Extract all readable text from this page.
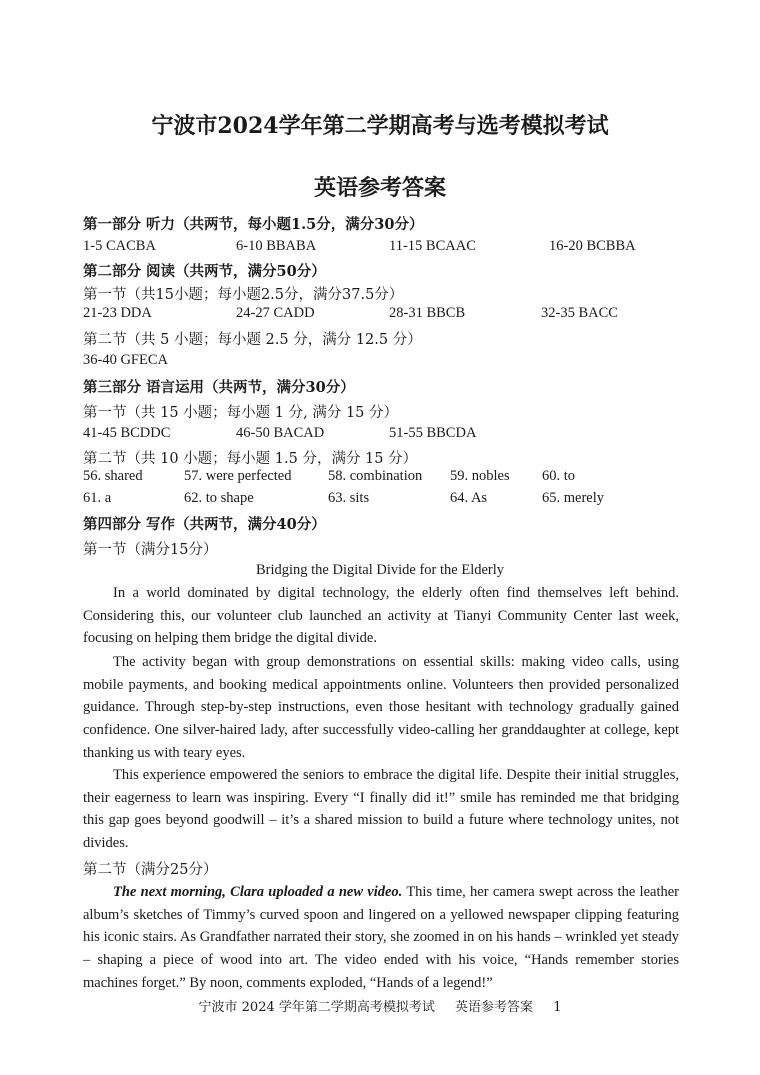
宁波市2024学年第二学期高考与选考模拟考试
英语参考答案
第一部分 听力（共两节，每小题1.5分，满分30分）
1-5 CACBA	6-10 BBABA	11-15 BCAAC	16-20 BCBBA
第二部分 阅读（共两节，满分50分）
第一节（共15小题；每小题2.5分，满分37.5分）
21-23 DDA	24-27 CADD	28-31 BBCB	32-35 BACC
第二节（共 5 小题；每小题 2.5 分，满分 12.5 分）
36-40 GFECA
第三部分 语言运用（共两节，满分30分）
第一节（共 15 小题；每小题 1 分, 满分 15 分）
41-45 BCDDC	46-50 BACAD	51-55 BBCDA
第二节（共 10 小题；每小题 1.5 分，满分 15 分）
56. shared	57. were perfected	58. combination 59. nobles 60. to
61. a	62. to shape	63. sits	64. As	65. merely
第四部分 写作（共两节，满分40分）
第一节（满分15分）
Bridging the Digital Divide for the Elderly
In a world dominated by digital technology, the elderly often find themselves left behind. Considering this, our volunteer club launched an activity at Tianyi Community Center last week, focusing on helping them bridge the digital divide.
The activity began with group demonstrations on essential skills: making video calls, using mobile payments, and booking medical appointments online. Volunteers then provided personalized guidance. Through step-by-step instructions, even those hesitant with technology gradually gained confidence. One silver-haired lady, after successfully video-calling her granddaughter at college, kept thanking us with teary eyes.
This experience empowered the seniors to embrace the digital life. Despite their initial struggles, their eagerness to learn was inspiring. Every “I finally did it!” smile has reminded me that bridging this gap goes beyond goodwill – it’s a shared mission to build a future where technology unites, not divides.
第二节（满分25分）
The next morning, Clara uploaded a new video. This time, her camera swept across the leather album’s sketches of Timmy’s curved spoon and lingered on a yellowed newspaper clipping featuring his iconic stairs. As Grandfather narrated their story, she zoomed in on his hands – wrinkled yet steady – shaping a piece of wood into art. The video ended with his voice, “Hands remember stories machines forget.” By noon, comments exploded, “Hands of a legend!”
宁波市 2024 学年第二学期高考模拟考试 英语参考答案 1
